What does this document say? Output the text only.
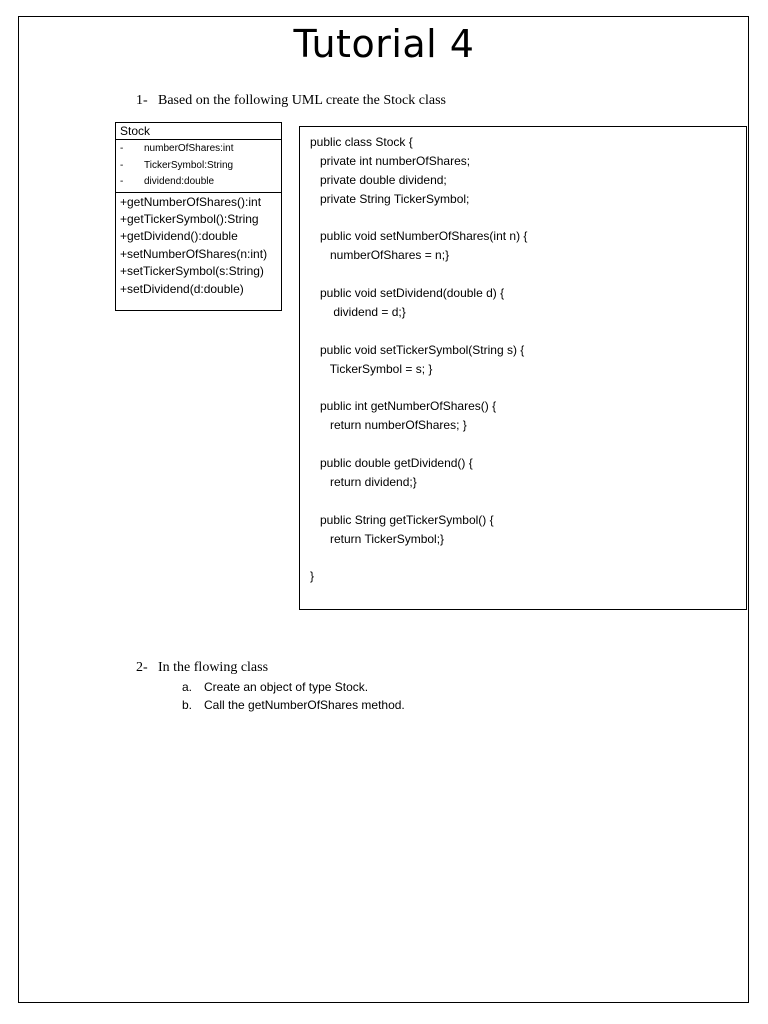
Tutorial 4
1- Based on the following UML create the Stock class
Stock
- numberOfShares:int
- TickerSymbol:String
- dividend:double
+getNumberOfShares():int
+getTickerSymbol():String
+getDividend():double
+setNumberOfShares(n:int)
+setTickerSymbol(s:String)
+setDividend(d:double)
public class Stock {
private int numberOfShares;
private double dividend;
private String TickerSymbol;
public void setNumberOfShares(int n) {
numberOfShares = n;}
public void setDividend(double d) {
dividend = d;}
public void setTickerSymbol(String s) {
TickerSymbol = s; }
public int getNumberOfShares() {
return numberOfShares; }
public double getDividend() {
return dividend;}
public String getTickerSymbol() {
return TickerSymbol;}
}
2- In the flowing class
a. Create an object of type Stock.
b. Call the getNumberOfShares method.
